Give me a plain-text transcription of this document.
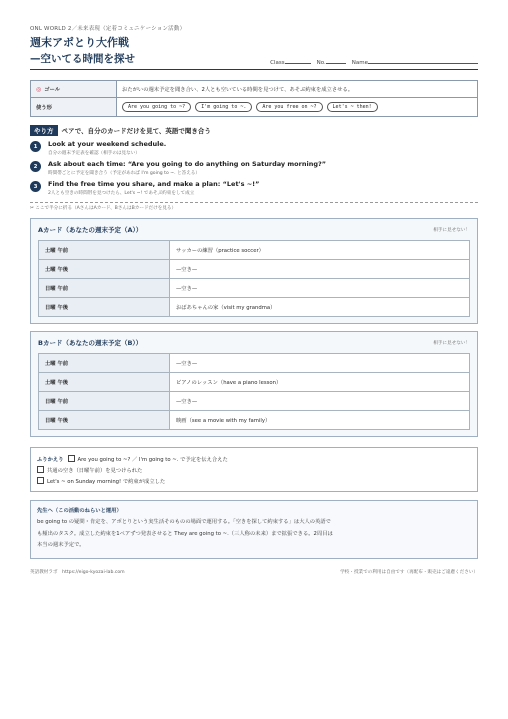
ONL WORLD 2／未来表現（定着コミュニケーション活動）
週末アポとり大作戦
—空いてる時間を探せ	Class	No.	Name
◎ ゴール	おたがいの週末予定を聞き合い、2人とも空いている時間を見つけて、あそぶ約束を成立させる。
使う形	Are you going to ~? I'm going to ~. Are you free on ~? Let's ~ then!
やり方	ペアで、自分のカードだけを見て、英語で聞き合う
1	Look at your weekend schedule.
自分の週末予定表を確認（相手のは見ない）
2	Ask about each time: “Are you going to do anything on Saturday morning?”
時間帯ごとに予定を聞き合う（予定があれば I'm going to ~. と答える）
3	Find the free time you share, and make a plan: “Let's ~!”
2人とも空きの時間帯を見つけたら、Let's ~! であそぶ約束をして成立
✂ ここで半分に折る（AさんはAカード、BさんはBカードだけを見る）
Aカード（あなたの週末予定（A））	相手に見せない！
土曜 午前	サッカーの練習（practice soccer）
土曜 午後	—空き—
日曜 午前	—空き—
日曜 午後	おばあちゃんの家（visit my grandma）
Bカード（あなたの週末予定（B））	相手に見せない！
土曜 午前	—空き—
土曜 午後	ピアノのレッスン（have a piano lesson）
日曜 午前	—空き—
日曜 午後	映画（see a movie with my family）
ふりかえり	Are you going to ~? ／ I'm going to ~. で予定を伝え合えた
共通の空き（日曜午前）を見つけられた
Let's ~ on Sunday morning! で約束が成立した
先生へ（この活動のねらいと運用）
be going to の疑問・肯定を、アポとりという実生活そのものの場面で運用する。「空きを探して約束する」は大人の英語で
も頻出のタスク。成立した約束を1ペアずつ発表させると They are going to ~.（三人称の未来）まで拡張できる。2周目は
本当の週末予定で。
英語教材ラボ　https://eigo-kyozai-lab.com	学校・授業での利用は自由です（再配布・販売はご遠慮ください）
